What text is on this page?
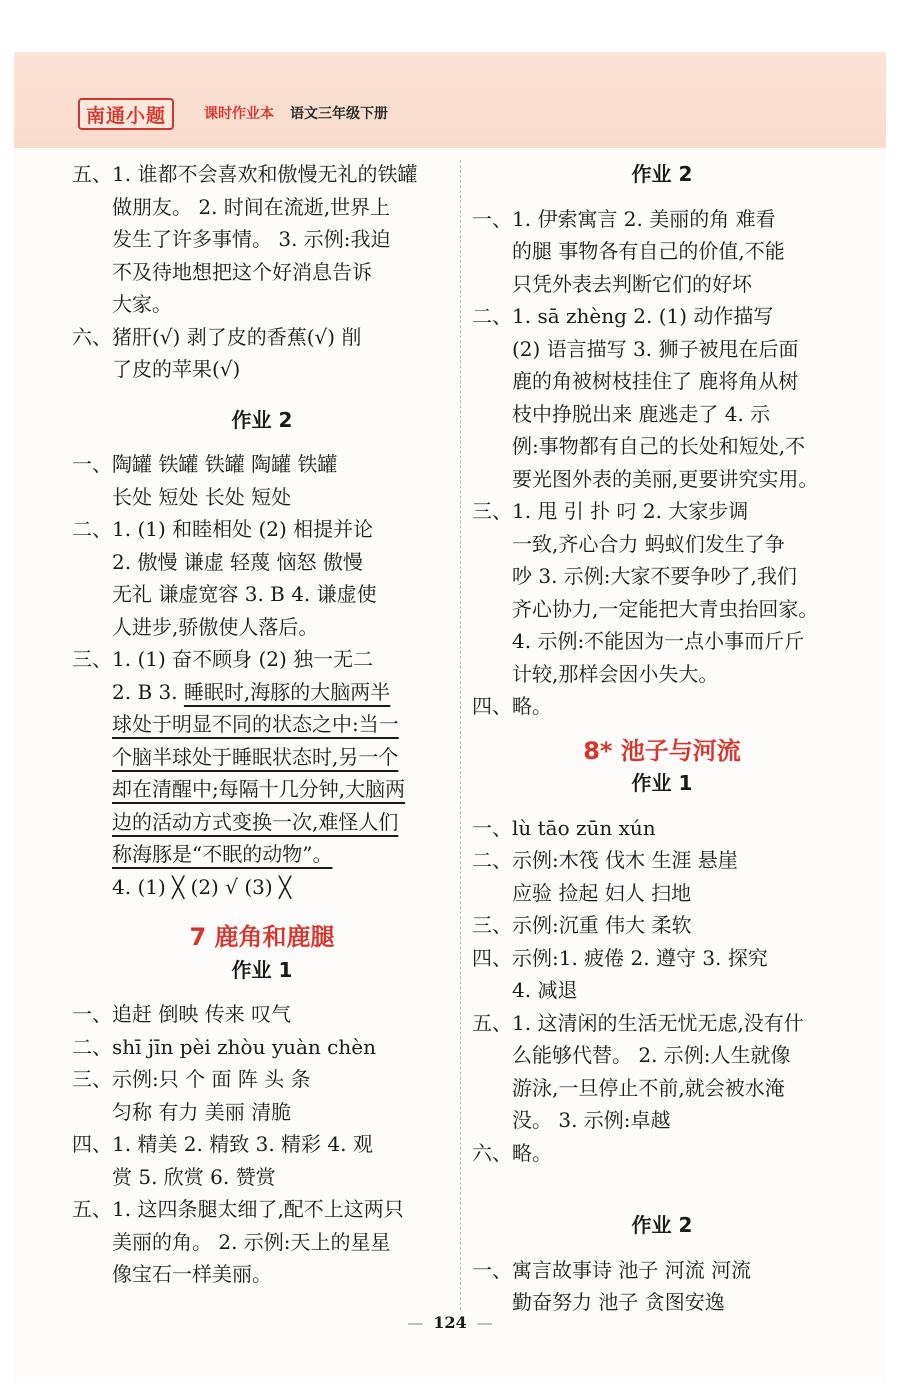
南通小题	课时作业本 语文三年级下册
五、1. 谁都不会喜欢和傲慢无礼的铁罐
做朋友。 2. 时间在流逝,世界上
发生了许多事情。 3. 示例:我迫
不及待地想把这个好消息告诉
大家。
六、猪肝(√) 剥了皮的香蕉(√) 削
了皮的苹果(√)
作业 2
一、陶罐 铁罐 铁罐 陶罐 铁罐
长处 短处 长处 短处
二、1. (1) 和睦相处 (2) 相提并论
2. 傲慢 谦虚 轻蔑 恼怒 傲慢
无礼 谦虚宽容 3. B 4. 谦虚使
人进步,骄傲使人落后。
三、1. (1) 奋不顾身 (2) 独一无二
2. B 3. 睡眠时,海豚的大脑两半
球处于明显不同的状态之中:当一
个脑半球处于睡眠状态时,另一个
却在清醒中;每隔十几分钟,大脑两
边的活动方式变换一次,难怪人们
称海豚是“不眠的动物”。
4. (1) ╳ (2) √ (3) ╳
7 鹿角和鹿腿
作业 1
一、追赶 倒映 传来 叹气
二、shī jīn pèi zhòu yuàn chèn
三、示例:只 个 面 阵 头 条
匀称 有力 美丽 清脆
四、1. 精美 2. 精致 3. 精彩 4. 观
赏 5. 欣赏 6. 赞赏
五、1. 这四条腿太细了,配不上这两只
美丽的角。 2. 示例:天上的星星
像宝石一样美丽。
作业 2
一、1. 伊索寓言 2. 美丽的角 难看
的腿 事物各有自己的价值,不能
只凭外表去判断它们的好坏
二、1. sā zhèng 2. (1) 动作描写
(2) 语言描写 3. 狮子被甩在后面
鹿的角被树枝挂住了 鹿将角从树
枝中挣脱出来 鹿逃走了 4. 示
例:事物都有自己的长处和短处,不
要光图外表的美丽,更要讲究实用。
三、1. 甩 引 扑 叼 2. 大家步调
一致,齐心合力 蚂蚁们发生了争
吵 3. 示例:大家不要争吵了,我们
齐心协力,一定能把大青虫抬回家。
4. 示例:不能因为一点小事而斤斤
计较,那样会因小失大。
四、略。
8* 池子与河流
作业 1
一、lù tāo zūn xún
二、示例:木筏 伐木 生涯 悬崖
应验 捡起 妇人 扫地
三、示例:沉重 伟大 柔软
四、示例:1. 疲倦 2. 遵守 3. 探究
4. 减退
五、1. 这清闲的生活无忧无虑,没有什
么能够代替。 2. 示例:人生就像
游泳,一旦停止不前,就会被水淹
没。 3. 示例:卓越
六、略。
作业 2
一、寓言故事诗 池子 河流 河流
勤奋努力 池子 贪图安逸
— 124 —
